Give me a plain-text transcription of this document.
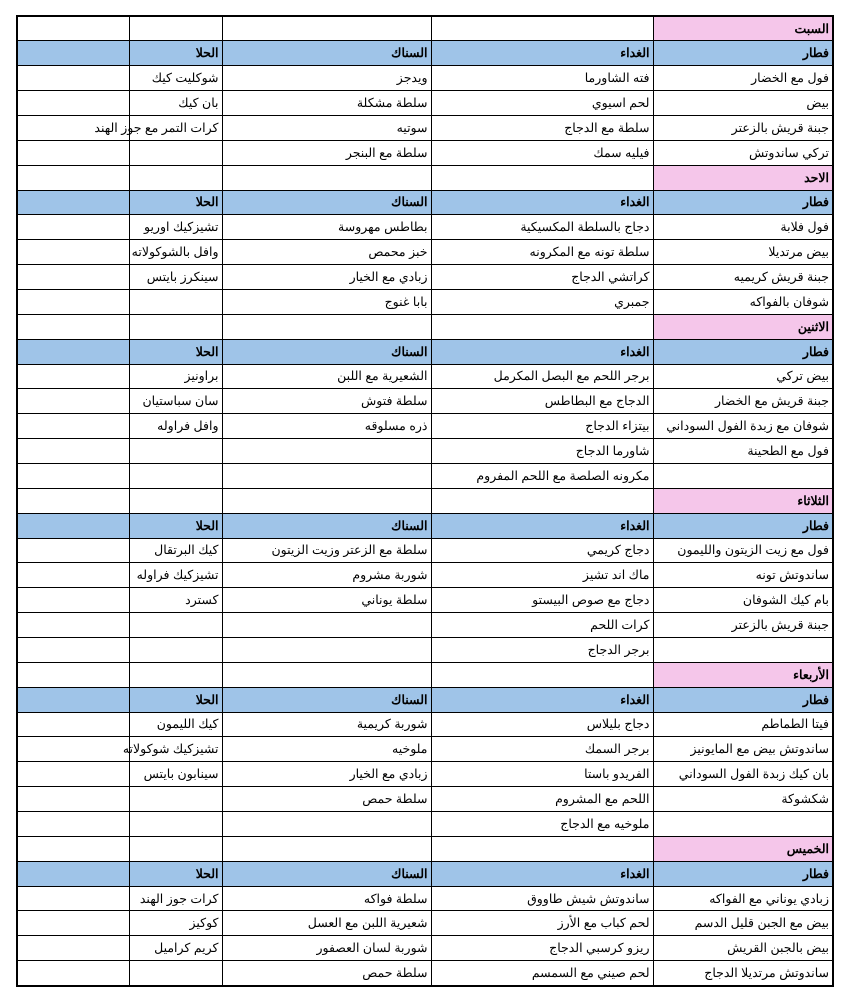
السبت				
فطار	الغداء	السناك	الحلا	
فول مع الخضار	فته الشاورما	ويدجز	شوكليت كيك	
بيض	لحم اسيوي	سلطة مشكلة	بان كيك	
جبنة قريش بالزعتر	سلطة مع الدجاج	سوتيه	كرات التمر مع جوز الهند	
تركي ساندوتش	فيليه سمك	سلطة مع البنجر		
الاحد				
فطار	الغداء	السناك	الحلا	
فول فلابة	دجاج بالسلطة المكسيكية	بطاطس مهروسة	تشيزكيك اوريو	
بيض مرتديلا	سلطة تونه مع المكرونه	خبز محمص	وافل بالشوكولاته	
جبنة قريش كريميه	كراتشي الدجاج	زبادي مع الخيار	سينكرز بايتس	
شوفان بالفواكه	جمبري	بابا غنوج		
الاثنين				
فطار	الغداء	السناك	الحلا	
بيض تركي	برجر اللحم مع البصل المكرمل	الشعيرية مع اللبن	براونيز	
جبنة قريش مع الخضار	الدجاج مع البطاطس	سلطة فتوش	سان سباستيان	
شوفان مع زبدة الفول السوداني	بيتزاء الدجاج	ذره مسلوقه	وافل فراوله	
فول مع الطحينة	شاورما الدجاج			
	مكرونه الصلصة مع اللحم المفروم			
الثلاثاء				
فطار	الغداء	السناك	الحلا	
فول مع زيت الزيتون والليمون	دجاج كريمي	سلطة مع الزعتر وزيت الزيتون	كيك البرتقال	
ساندوتش تونه	ماك اند تشيز	شوربة مشروم	تشيزكيك فراوله	
بام كيك الشوفان	دجاج مع صوص البيستو	سلطة يوناني	كسترد	
جبنة قريش بالزعتر	كرات اللحم			
	برجر الدجاج			
الأربعاء				
فطار	الغداء	السناك	الحلا	
فيتا الطماطم	دجاج بليلاس	شوربة كريمية	كيك الليمون	
ساندوتش بيض مع المايونيز	برجر السمك	ملوخيه	تشيزكيك شوكولاته	
بان كيك زبدة الفول السوداني	الفريدو باستا	زبادي مع الخيار	سينابون بايتس	
شكشوكة	اللحم مع المشروم	سلطة حمص		
	ملوخيه مع الدجاج			
الخميس				
فطار	الغداء	السناك	الحلا	
زبادي يوناني مع الفواكه	ساندوتش شيش طاووق	سلطة فواكه	كرات جوز الهند	
بيض مع الجبن قليل الدسم	لحم كباب مع الأرز	شعيرية اللبن مع العسل	كوكيز	
بيض بالجبن القريش	ريزو كرسبي الدجاج	شوربة لسان العصفور	كريم كراميل	
ساندوتش مرتديلا الدجاج	لحم صيني مع السمسم	سلطة حمص		
